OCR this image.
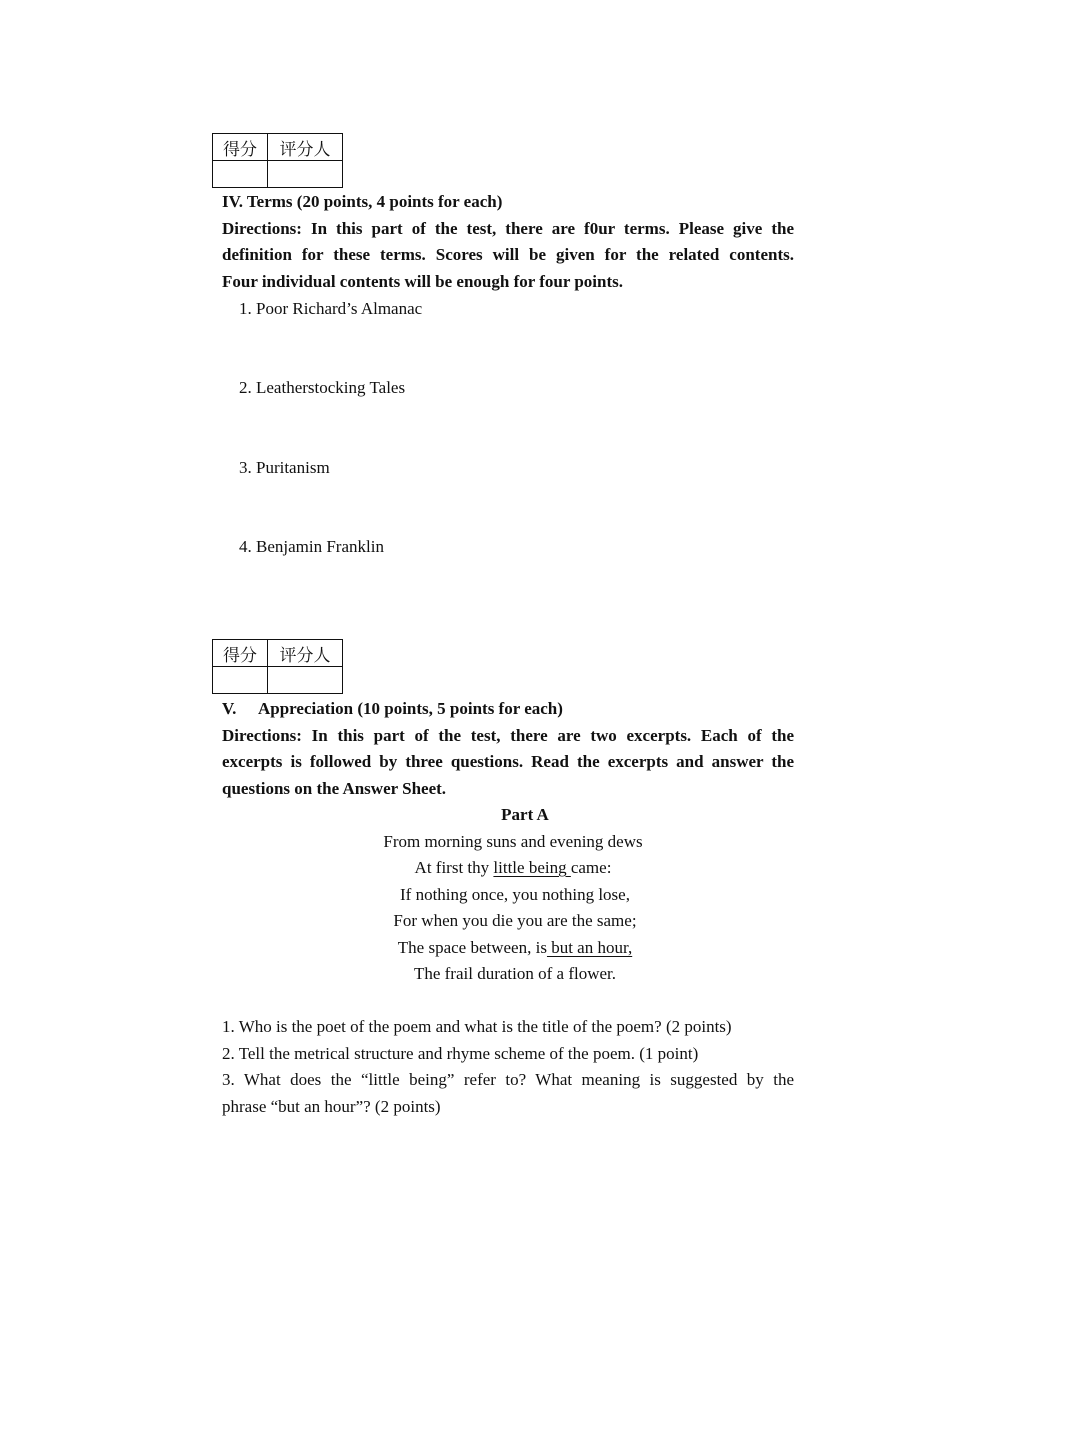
得分	评分人

IV. Terms (20 points, 4 points for each)
Directions: In this part of the test, there are f0ur terms. Please give the
definition for these terms. Scores will be given for the related contents.
Four individual contents will be enough for four points.
1. Poor Richard’s Almanac
2. Leatherstocking Tales
3. Puritanism
4. Benjamin Franklin
得分	评分人

V. Appreciation (10 points, 5 points for each)
Directions: In this part of the test, there are two excerpts. Each of the
excerpts is followed by three questions. Read the excerpts and answer the
questions on the Answer Sheet.
Part A
From morning suns and evening dews
At first thy little being came:
If nothing once, you nothing lose,
For when you die you are the same;
The space between, is but an hour,
The frail duration of a flower.
1. Who is the poet of the poem and what is the title of the poem? (2 points)
2. Tell the metrical structure and rhyme scheme of the poem. (1 point)
3. What does the “little being” refer to? What meaning is suggested by the
phrase “but an hour”? (2 points)
